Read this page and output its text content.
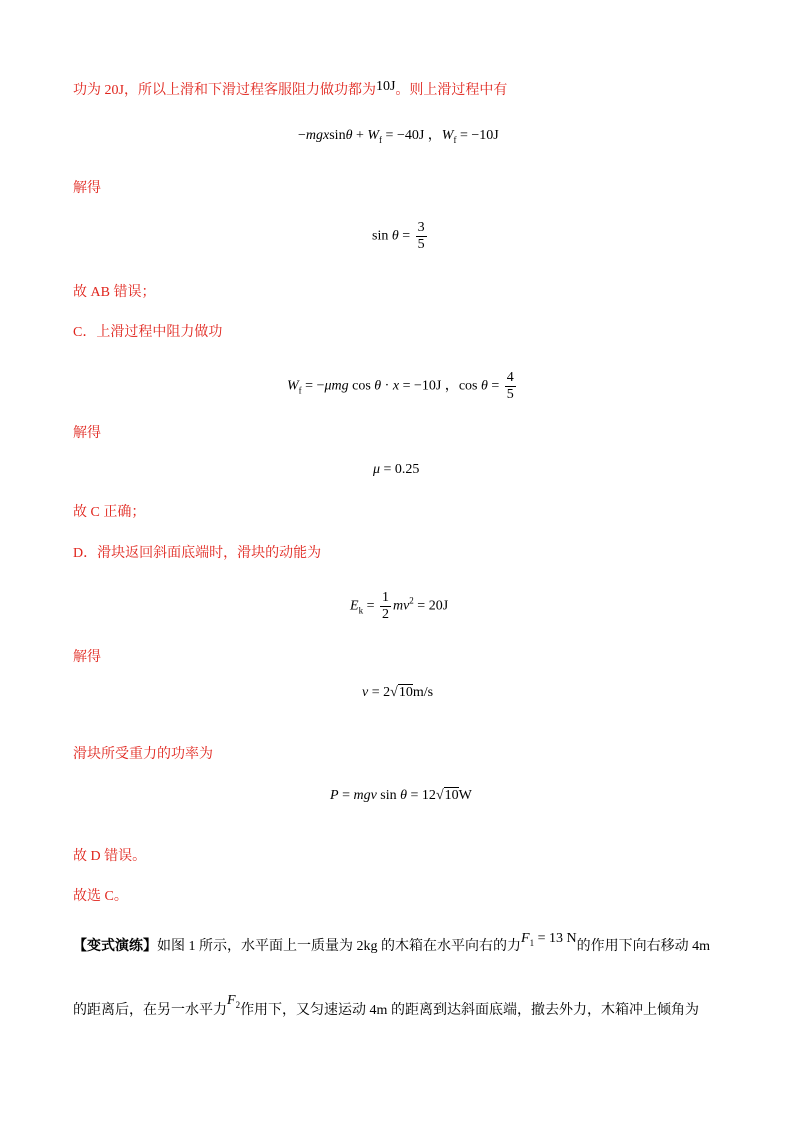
功为 20J，所以上滑和下滑过程客服阻力做功都为10J。则上滑过程中有
$-mgxsin\theta + W_f = -40J$ ，$W_f = -10J$
解得
$\sin \theta = \frac{3}{5}$
故 AB 错误；
C．上滑过程中阻力做功
$W_f = -\mu mg$ cos θ · x = −10J ，$\cos \theta = \frac{4}{5}$
解得
μ = 0.25
故 C 正确；
D．滑块返回斜面底端时，滑块的动能为
$E_k = \frac{1}{2} mv^2 = 20J$
解得
v = 2√10m/s
滑块所受重力的功率为
P = mgv sin θ = 12√10W
故 D 错误。
故选 C。
【变式演练】如图 1 所示，水平面上一质量为 2kg 的木箱在水平向右的力$F_1 = 13$ N的作用下向右移动 4m
的距离后，在另一水平力$F_2$作用下，又匀速运动 4m 的距离到达斜面底端，撤去外力，木箱冲上倾角为
